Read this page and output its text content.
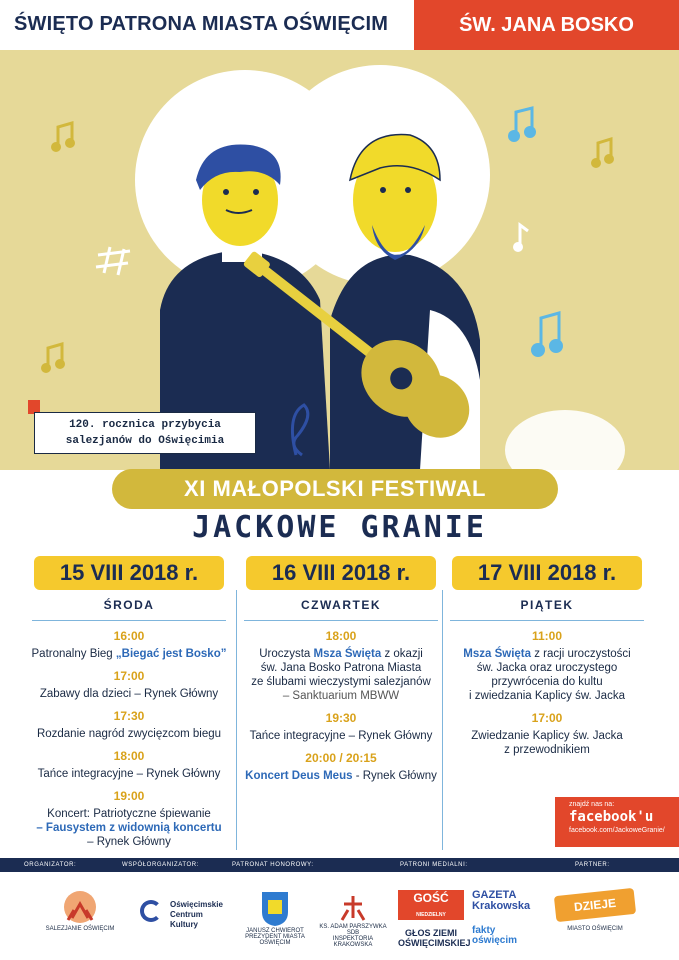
ŚWIĘTO PATRONA MIASTA OŚWIĘCIM	ŚW. JANA BOSKO
120. rocznica przybycia
salezjanów do Oświęcimia
XI MAŁOPOLSKI FESTIWAL
JACKOWE GRANIE
15 VIII 2018 r.
ŚRODA
16:00
Patronalny Bieg „Biegać jest Bosko”
17:00
Zabawy dla dzieci – Rynek Główny
17:30
Rozdanie nagród zwycięzcom biegu
18:00
Tańce integracyjne – Rynek Główny
19:00
Koncert: Patriotyczne śpiewanie
– Fausystem z widownią koncertu
– Rynek Główny
16 VIII 2018 r.
CZWARTEK
18:00
Uroczysta Msza Święta z okazji
św. Jana Bosko Patrona Miasta
ze ślubami wieczystymi salezjanów
– Sanktuarium MBWW
19:30
Tańce integracyjne – Rynek Główny
20:00 / 20:15
Koncert Deus Meus - Rynek Główny
17 VIII 2018 r.
PIĄTEK
11:00
Msza Święta z racji uroczystości
św. Jacka oraz uroczystego
przywrócenia do kultu
i zwiedzania Kaplicy św. Jacka
17:00
Zwiedzanie Kaplicy św. Jacka
z przewodnikiem
znajdź nas na:
facebook'u
facebook.com/JackoweGranie/
ORGANIZATOR:	WSPÓŁORGANIZATOR:	PATRONAT HONOROWY:	PATRONI MEDIALNI:	PARTNER:
SALEZJANIE OŚWIĘCIM
Oświęcimskie
Centrum
Kultury
JANUSZ CHWIEROT
PREZYDENT MIASTA OŚWIĘCIM
KS. ADAM PARSZYWKA SDB
INSPEKTORIA KRAKOWSKA
GOŚĆ NIEDZIELNY
GŁOS ZIEMI
OŚWIĘCIMSKIEJ
GAZETA
Krakowska
fakty
oświęcim
DZIEJE
MIASTO OŚWIĘCIM
